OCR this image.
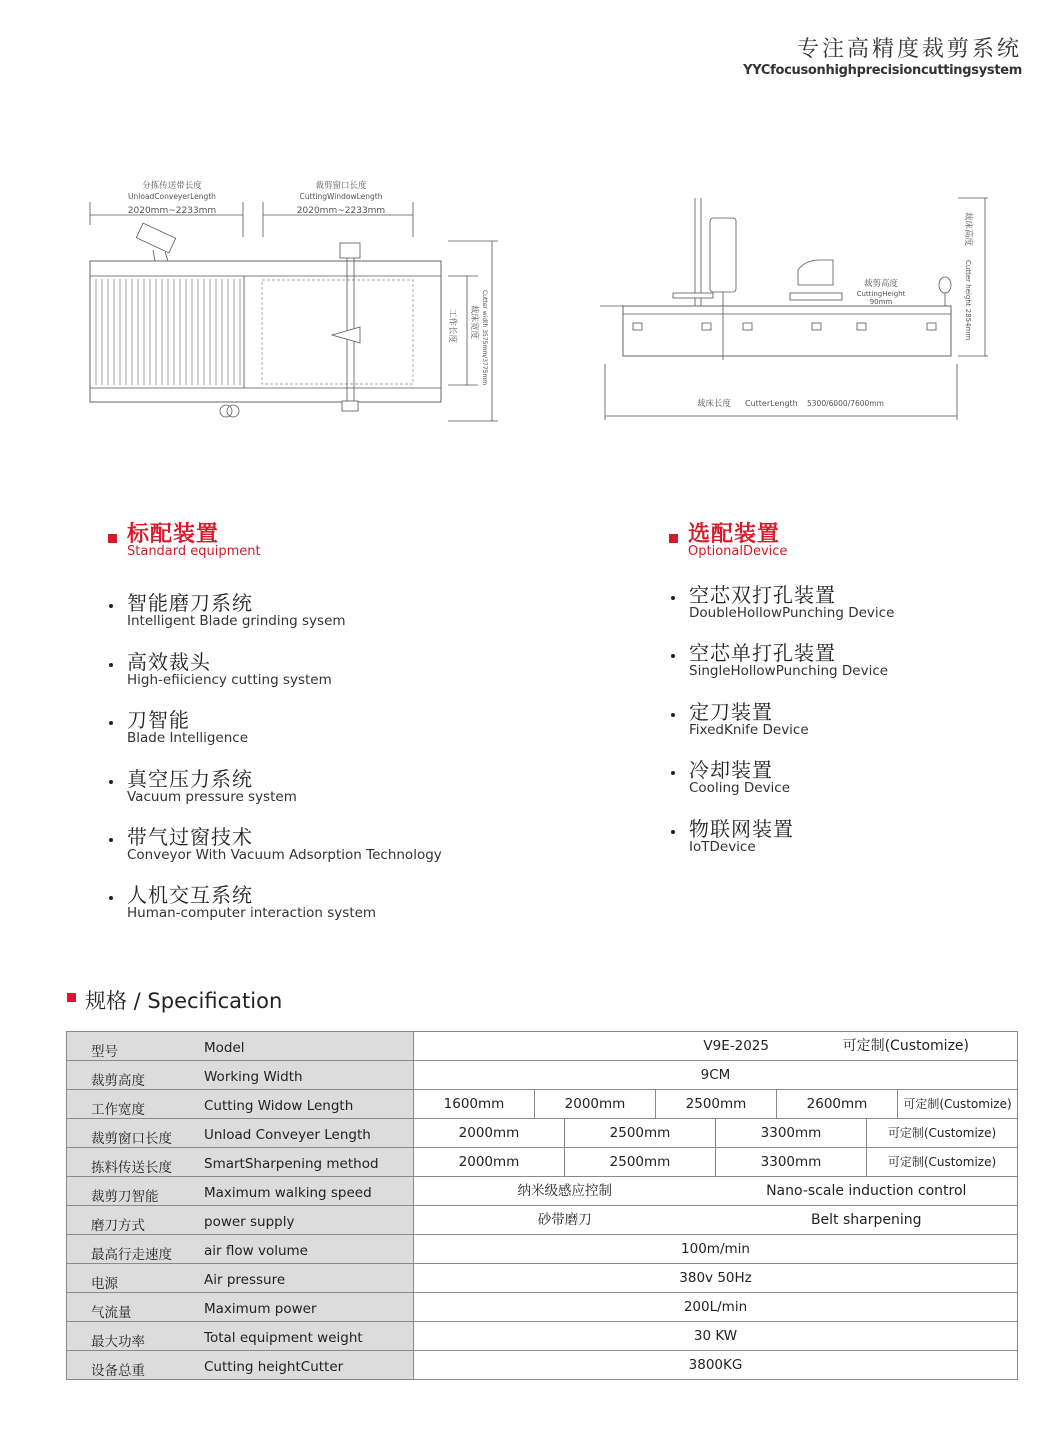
专注高精度裁剪系统
YYCfocusonhighprecisioncuttingsystem
分拣传送带长度
UnloadConveyerLength
2020mm~2233mm
裁剪窗口长度
CuttingWindowLength
2020mm~2233mm
工作长度 裁床宽度 Cutter width 3575mm/3775mm
裁剪高度
CuttingHeight
90mm
裁床高度
Cutter height 2854mm
裁床长度 CutterLength 5300/6000/7600mm
标配装置
Standard equipment
智能磨刀系统
Intelligent Blade grinding sysem
高效裁头
High-efiiciency cutting system
刀智能
Blade Intelligence
真空压力系统
Vacuum pressure system
带气过窗技术
Conveyor With Vacuum Adsorption Technology
人机交互系统
Human-computer interaction system
选配装置
OptionalDevice
空芯双打孔装置
DoubleHollowPunching Device
空芯单打孔装置
SingleHollowPunching Device
定刀装置
FixedKnife Device
冷却装置
Cooling Device
物联网装置
IoTDevice
规格 / Specification
型号	Model	V9E-2025	可定制(Customize)
裁剪高度	Working Width	9CM
工作宽度	Cutting Widow Length	1600mm	2000mm	2500mm	2600mm	可定制(Customize)
裁剪窗口长度 Unload Conveyer Length	2000mm	2500mm	3300mm	可定制(Customize)
拣料传送长度 SmartSharpening method	2000mm	2500mm	3300mm	可定制(Customize)
裁剪刀智能	Maximum walking speed	纳米级感应控制	Nano-scale induction control
磨刀方式	power supply	砂带磨刀	Belt sharpening
最高行走速度 air flow volume	100m/min
电源	Air pressure	380v 50Hz
气流量	Maximum power	200L/min
最大功率	Total equipment weight	30 KW
设备总重	Cutting heightCutter	3800KG
